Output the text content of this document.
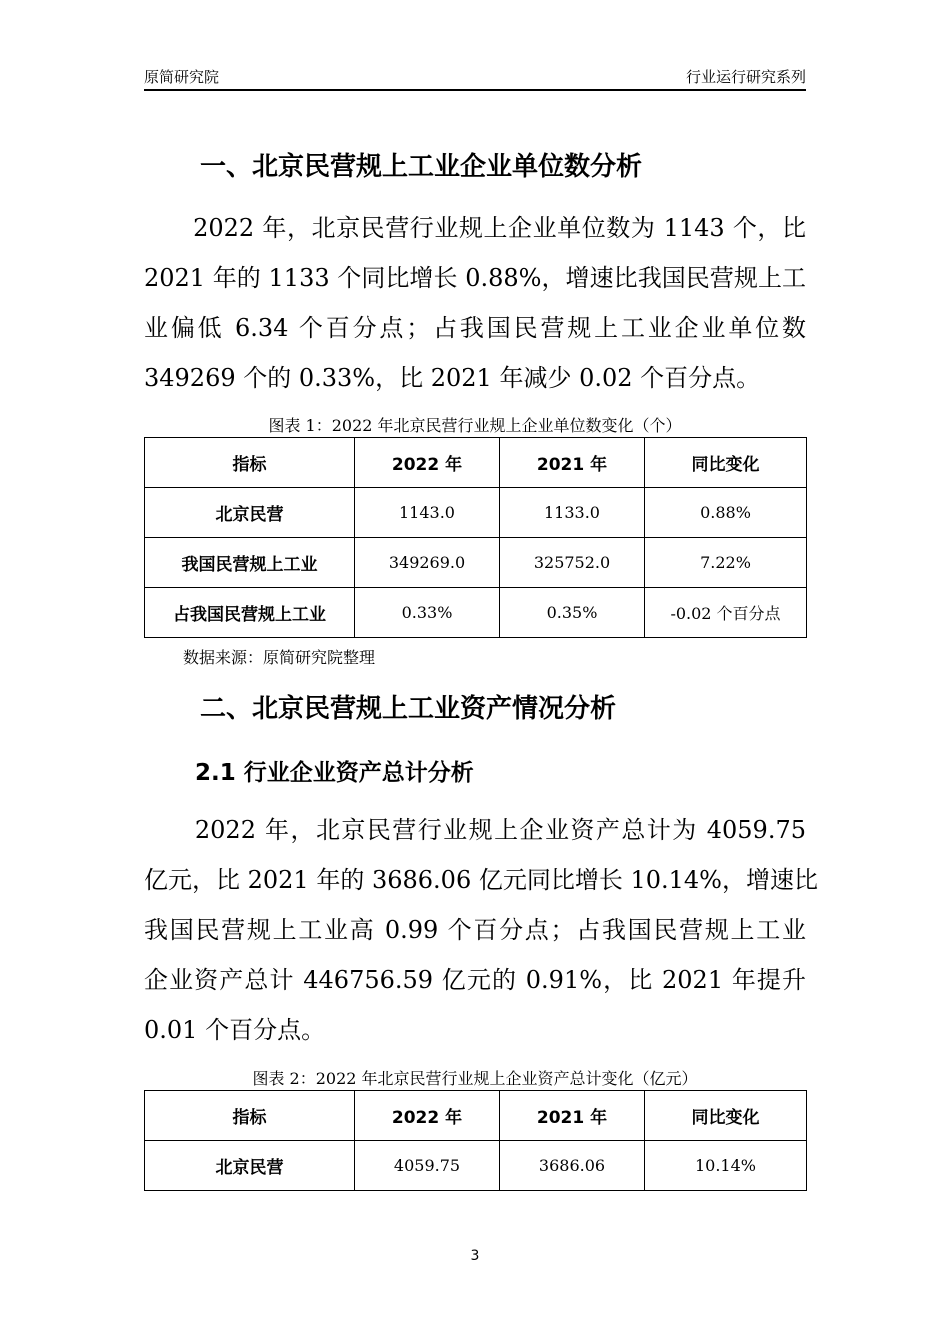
原简研究院	行业运行研究系列
一、北京民营规上工业企业单位数分析
　　2022 年，北京民营行业规上企业单位数为 1143 个，比
2021 年的 1133 个同比增长 0.88%，增速比我国民营规上工
业偏低 6.34 个百分点；占我国民营规上工业企业单位数
349269 个的 0.33%，比 2021 年减少 0.02 个百分点。
图表 1：2022 年北京民营行业规上企业单位数变化（个）
指标	2022 年	2021 年	同比变化
北京民营	1143.0	1133.0	0.88%
我国民营规上工业	349269.0	325752.0	7.22%
占我国民营规上工业	0.33%	0.35%	-0.02 个百分点
数据来源：原简研究院整理
二、北京民营规上工业资产情况分析
2.1 行业企业资产总计分析
　　2022 年，北京民营行业规上企业资产总计为 4059.75
亿元，比 2021 年的 3686.06 亿元同比增长 10.14%，增速比
我国民营规上工业高 0.99 个百分点；占我国民营规上工业
企业资产总计 446756.59 亿元的 0.91%，比 2021 年提升
0.01 个百分点。
图表 2：2022 年北京民营行业规上企业资产总计变化（亿元）
指标	2022 年	2021 年	同比变化
北京民营	4059.75	3686.06	10.14%
3
